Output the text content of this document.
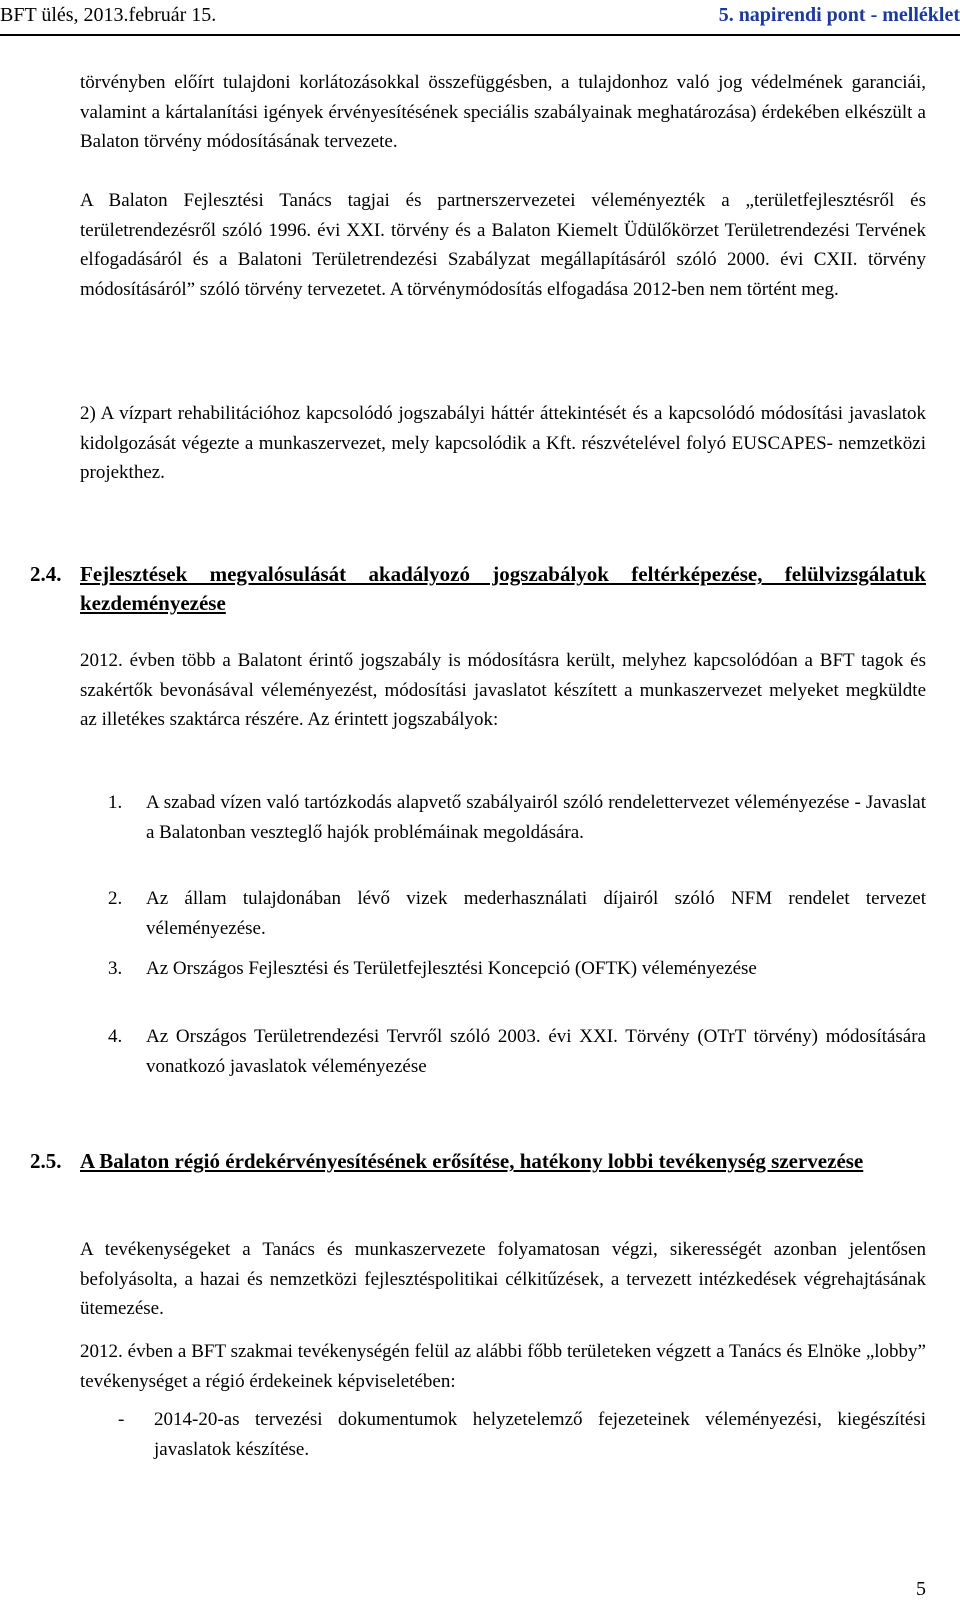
BFT ülés, 2013.február 15.	5. napirendi pont - melléklet

törvényben előírt tulajdoni korlátozásokkal összefüggésben, a tulajdonhoz való jog védelmének garanciái, valamint a kártalanítási igények érvényesítésének speciális szabályainak meghatározása) érdekében elkészült a Balaton törvény módosításának tervezete.

A Balaton Fejlesztési Tanács tagjai és partnerszervezetei véleményezték a „területfejlesztésről és területrendezésről szóló 1996. évi XXI. törvény és a Balaton Kiemelt Üdülőkörzet Területrendezési Tervének elfogadásáról és a Balatoni Területrendezési Szabályzat megállapításáról szóló 2000. évi CXII. törvény módosításáról” szóló törvény tervezetet. A törvénymódosítás elfogadása 2012-ben nem történt meg.

2) A vízpart rehabilitációhoz kapcsolódó jogszabályi háttér áttekintését és a kapcsolódó módosítási javaslatok kidolgozását végezte a munkaszervezet, mely kapcsolódik a Kft. részvételével folyó EUSCAPES- nemzetközi projekthez.

2.4. Fejlesztések megvalósulását akadályozó jogszabályok feltérképezése, felülvizsgálatuk kezdeményezése

2012. évben több a Balatont érintő jogszabály is módosításra került, melyhez kapcsolódóan a BFT tagok és szakértők bevonásával véleményezést, módosítási javaslatot készített a munkaszervezet melyeket megküldte az illetékes szaktárca részére. Az érintett jogszabályok:

1.	A szabad vízen való tartózkodás alapvető szabályairól szóló rendelettervezet véleményezése - Javaslat a Balatonban veszteglő hajók problémáinak megoldására.
2.	Az állam tulajdonában lévő vizek mederhasználati díjairól szóló NFM rendelet tervezet véleményezése.
3.	Az Országos Fejlesztési és Területfejlesztési Koncepció (OFTK) véleményezése
4.	Az Országos Területrendezési Tervről szóló 2003. évi XXI. Törvény (OTrT törvény) módosítására vonatkozó javaslatok véleményezése
2.5. A Balaton régió érdekérvényesítésének erősítése, hatékony lobbi tevékenység szervezése

A tevékenységeket a Tanács és munkaszervezete folyamatosan végzi, sikerességét azonban jelentősen befolyásolta, a hazai és nemzetközi fejlesztéspolitikai célkitűzések, a tervezett intézkedések végrehajtásának ütemezése.

2012. évben a BFT szakmai tevékenységén felül az alábbi főbb területeken végzett a Tanács és Elnöke „lobby” tevékenységet a régió érdekeinek képviseletében:

-	2014-20-as tervezési dokumentumok helyzetelemző fejezeteinek véleményezési, kiegészítési javaslatok készítése.
5
